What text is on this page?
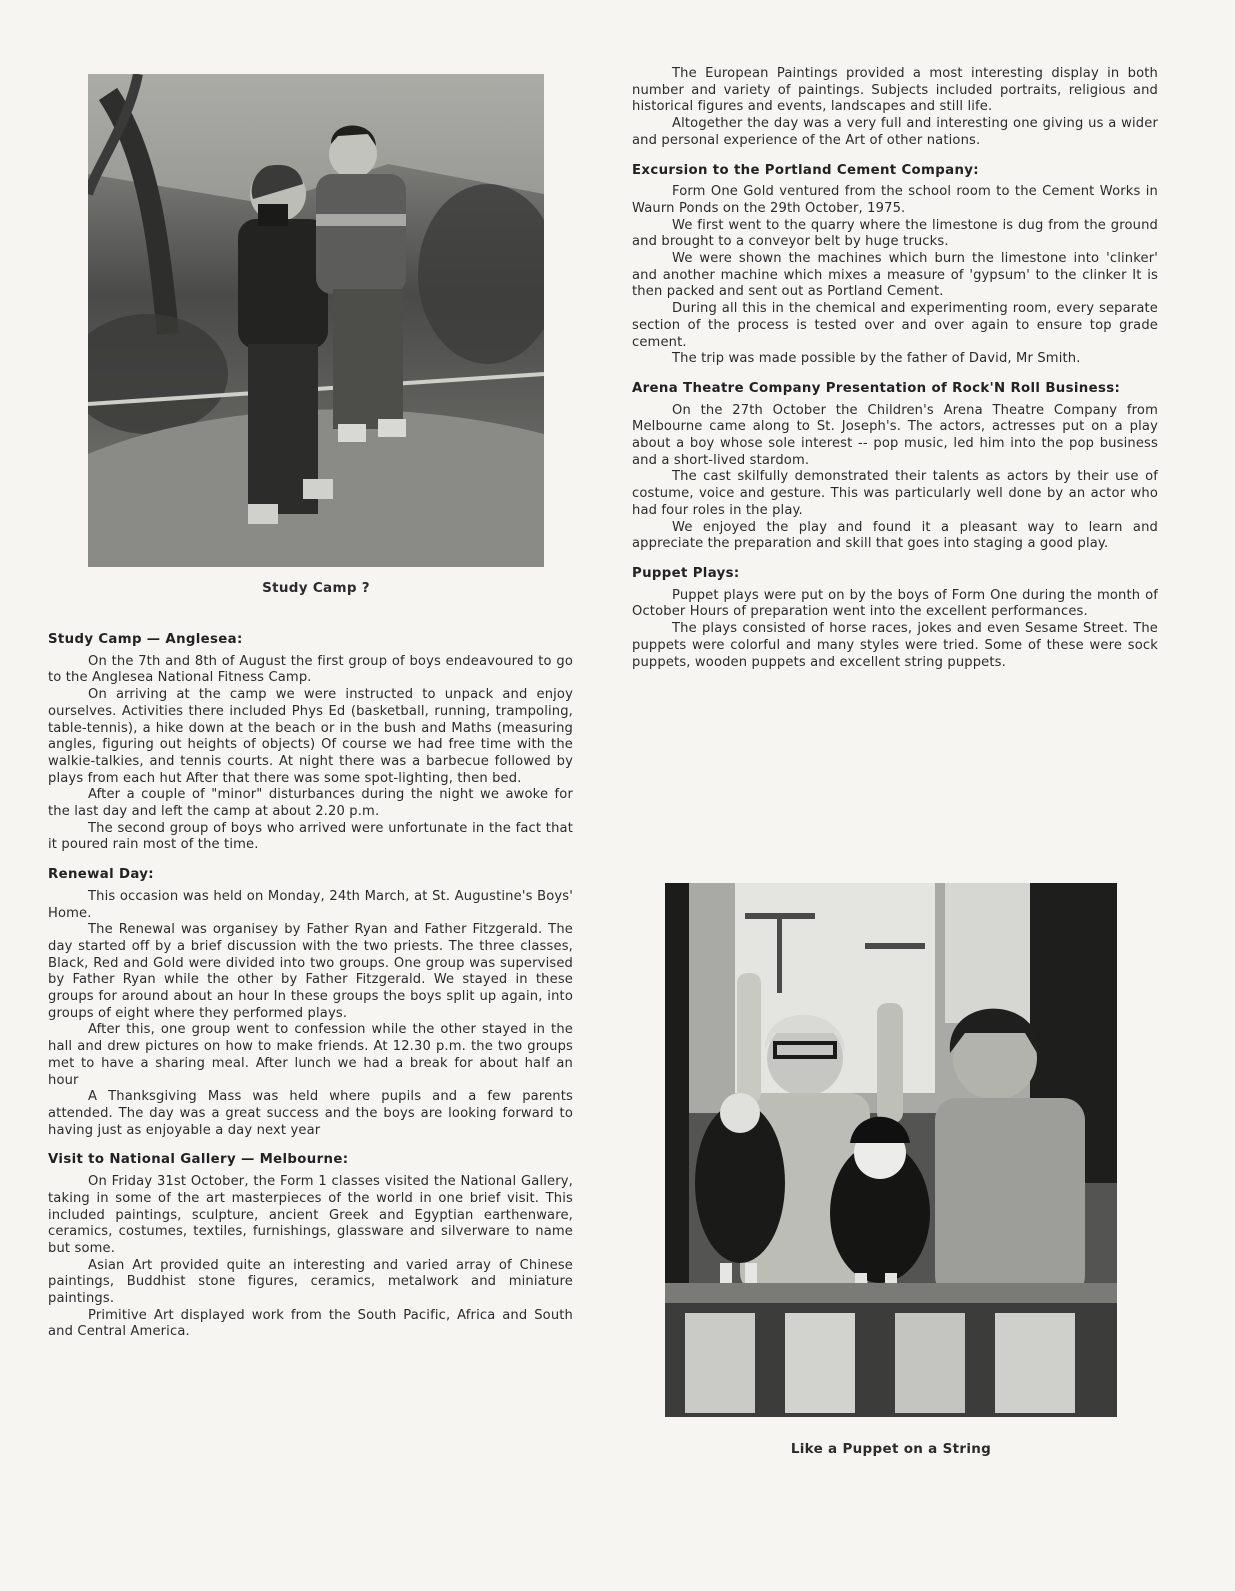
Study Camp ?
Like a Puppet on a String
Study Camp — Anglesea:

On the 7th and 8th of August the first group of boys endeavoured to go to the Anglesea National Fitness Camp.

On arriving at the camp we were instructed to unpack and enjoy ourselves. Activities there included Phys Ed (basketball, running, trampoling, table-tennis), a hike down at the beach or in the bush and Maths (measuring angles, figuring out heights of objects) Of course we had free time with the walkie-talkies, and tennis courts. At night there was a barbecue followed by plays from each hut After that there was some spot-lighting, then bed.

After a couple of "minor" disturbances during the night we awoke for the last day and left the camp at about 2.20 p.m.

The second group of boys who arrived were unfortunate in the fact that it poured rain most of the time.

Renewal Day:

This occasion was held on Monday, 24th March, at St. Augustine's Boys' Home.

The Renewal was organisey by Father Ryan and Father Fitzgerald. The day started off by a brief discussion with the two priests. The three classes, Black, Red and Gold were divided into two groups. One group was supervised by Father Ryan while the other by Father Fitzgerald. We stayed in these groups for around about an hour In these groups the boys split up again, into groups of eight where they performed plays.

After this, one group went to confession while the other stayed in the hall and drew pictures on how to make friends. At 12.30 p.m. the two groups met to have a sharing meal. After lunch we had a break for about half an hour

A Thanksgiving Mass was held where pupils and a few parents attended. The day was a great success and the boys are looking forward to having just as enjoyable a day next year

Visit to National Gallery — Melbourne:

On Friday 31st October, the Form 1 classes visited the National Gallery, taking in some of the art masterpieces of the world in one brief visit. This included paintings, sculpture, ancient Greek and Egyptian earthenware, ceramics, costumes, textiles, furnishings, glassware and silverware to name but some.

Asian Art provided quite an interesting and varied array of Chinese paintings, Buddhist stone figures, ceramics, metalwork and miniature paintings.

Primitive Art displayed work from the South Pacific, Africa and South and Central America.

The European Paintings provided a most interesting display in both number and variety of paintings. Subjects included portraits, religious and historical figures and events, landscapes and still life.

Altogether the day was a very full and interesting one giving us a wider and personal experience of the Art of other nations.

Excursion to the Portland Cement Company:

Form One Gold ventured from the school room to the Cement Works in Waurn Ponds on the 29th October, 1975.

We first went to the quarry where the limestone is dug from the ground and brought to a conveyor belt by huge trucks.

We were shown the machines which burn the limestone into 'clinker' and another machine which mixes a measure of 'gypsum' to the clinker It is then packed and sent out as Portland Cement.

During all this in the chemical and experimenting room, every separate section of the process is tested over and over again to ensure top grade cement.

The trip was made possible by the father of David, Mr Smith.

Arena Theatre Company Presentation of Rock'N Roll Business:

On the 27th October the Children's Arena Theatre Company from Melbourne came along to St. Joseph's. The actors, actresses put on a play about a boy whose sole interest -- pop music, led him into the pop business and a short-lived stardom.

The cast skilfully demonstrated their talents as actors by their use of costume, voice and gesture. This was particularly well done by an actor who had four roles in the play.

We enjoyed the play and found it a pleasant way to learn and appreciate the preparation and skill that goes into staging a good play.

Puppet Plays:

Puppet plays were put on by the boys of Form One during the month of October Hours of preparation went into the excellent performances.

The plays consisted of horse races, jokes and even Sesame Street. The puppets were colorful and many styles were tried. Some of these were sock puppets, wooden puppets and excellent string puppets.
